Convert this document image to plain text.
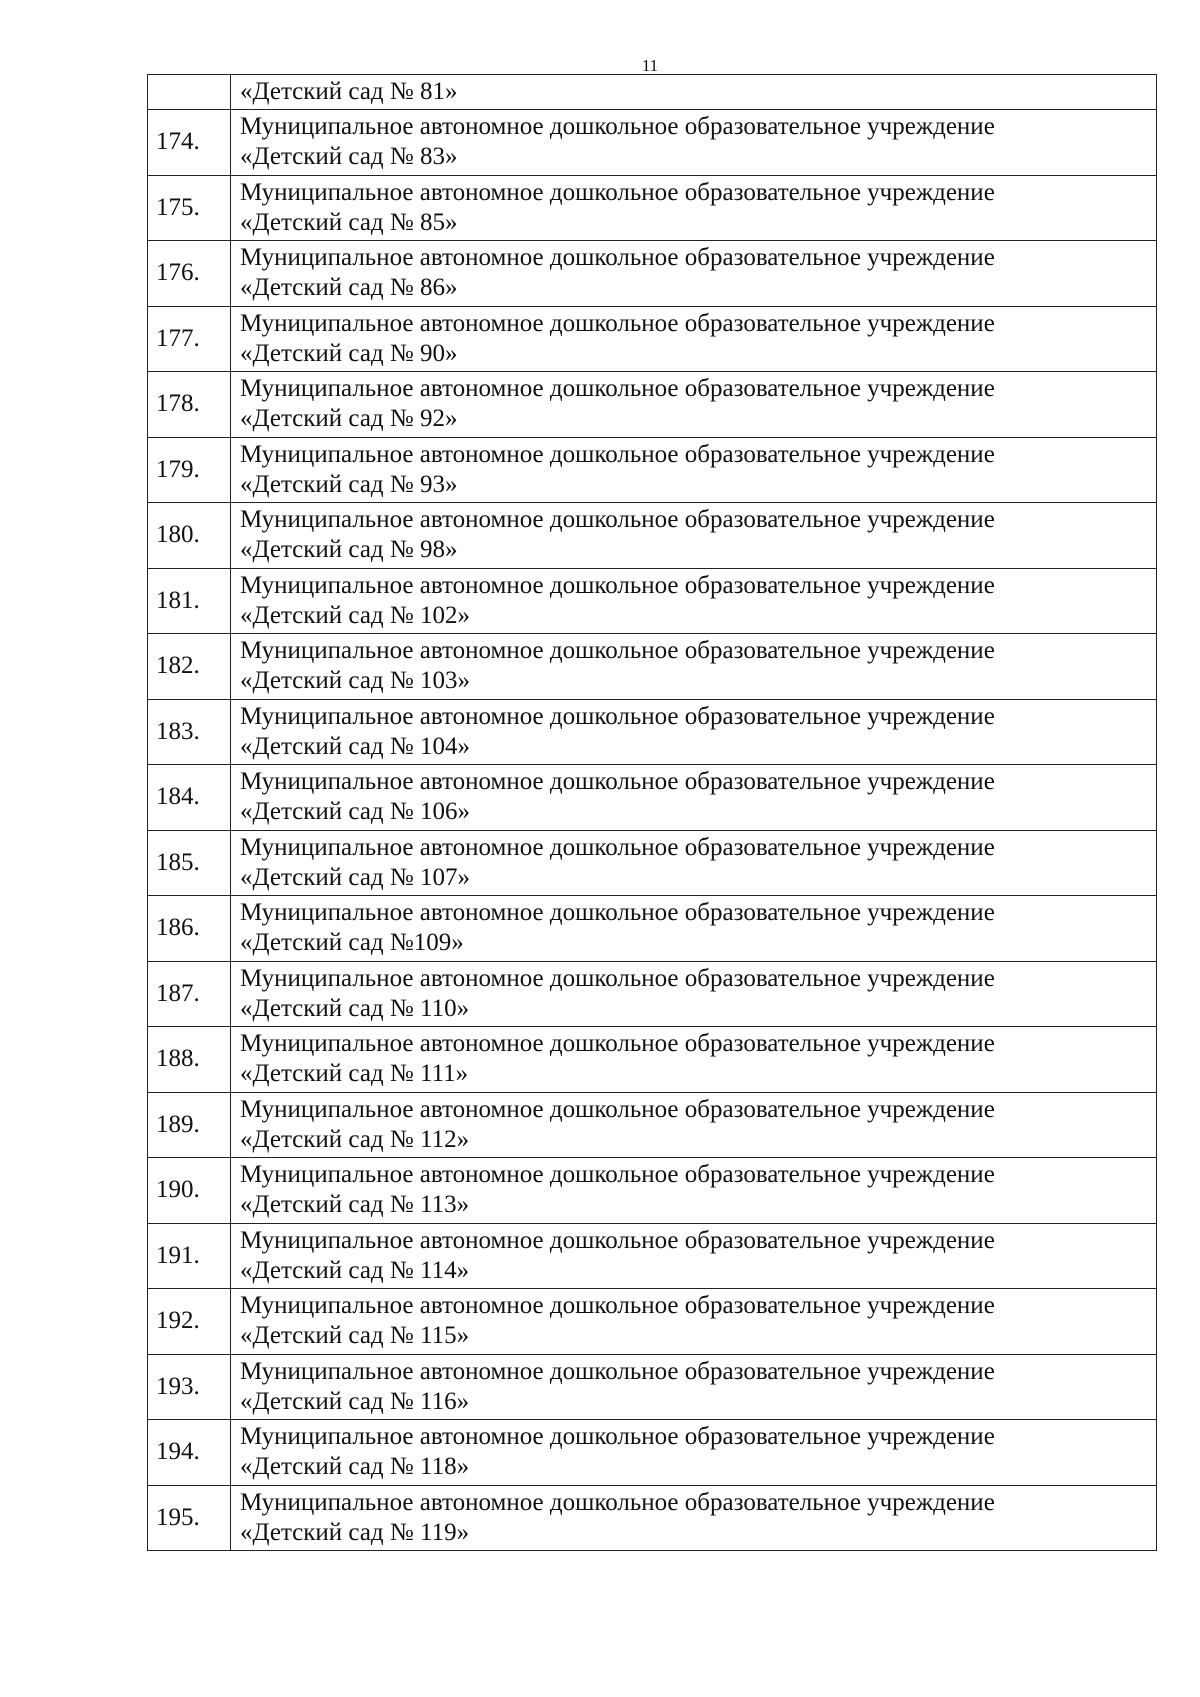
11

	«Детский сад № 81»

174.	Муниципальное автономное дошкольное образовательное учреждение
«Детский сад № 83»

175.	Муниципальное автономное дошкольное образовательное учреждение
«Детский сад № 85»

176.	Муниципальное автономное дошкольное образовательное учреждение
«Детский сад № 86»

177.	Муниципальное автономное дошкольное образовательное учреждение
«Детский сад № 90»

178.	Муниципальное автономное дошкольное образовательное учреждение
«Детский сад № 92»

179.	Муниципальное автономное дошкольное образовательное учреждение
«Детский сад № 93»

180.	Муниципальное автономное дошкольное образовательное учреждение
«Детский сад № 98»

181.	Муниципальное автономное дошкольное образовательное учреждение
«Детский сад № 102»

182.	Муниципальное автономное дошкольное образовательное учреждение
«Детский сад № 103»

183.	Муниципальное автономное дошкольное образовательное учреждение
«Детский сад № 104»

184.	Муниципальное автономное дошкольное образовательное учреждение
«Детский сад № 106»

185.	Муниципальное автономное дошкольное образовательное учреждение
«Детский сад № 107»

186.	Муниципальное автономное дошкольное образовательное учреждение
«Детский сад №109»

187.	Муниципальное автономное дошкольное образовательное учреждение
«Детский сад № 110»

188.	Муниципальное автономное дошкольное образовательное учреждение
«Детский сад № 111»

189.	Муниципальное автономное дошкольное образовательное учреждение
«Детский сад № 112»

190.	Муниципальное автономное дошкольное образовательное учреждение
«Детский сад № 113»

191.	Муниципальное автономное дошкольное образовательное учреждение
«Детский сад № 114»

192.	Муниципальное автономное дошкольное образовательное учреждение
«Детский сад № 115»

193.	Муниципальное автономное дошкольное образовательное учреждение
«Детский сад № 116»

194.	Муниципальное автономное дошкольное образовательное учреждение
«Детский сад № 118»

195.	Муниципальное автономное дошкольное образовательное учреждение
«Детский сад № 119»
